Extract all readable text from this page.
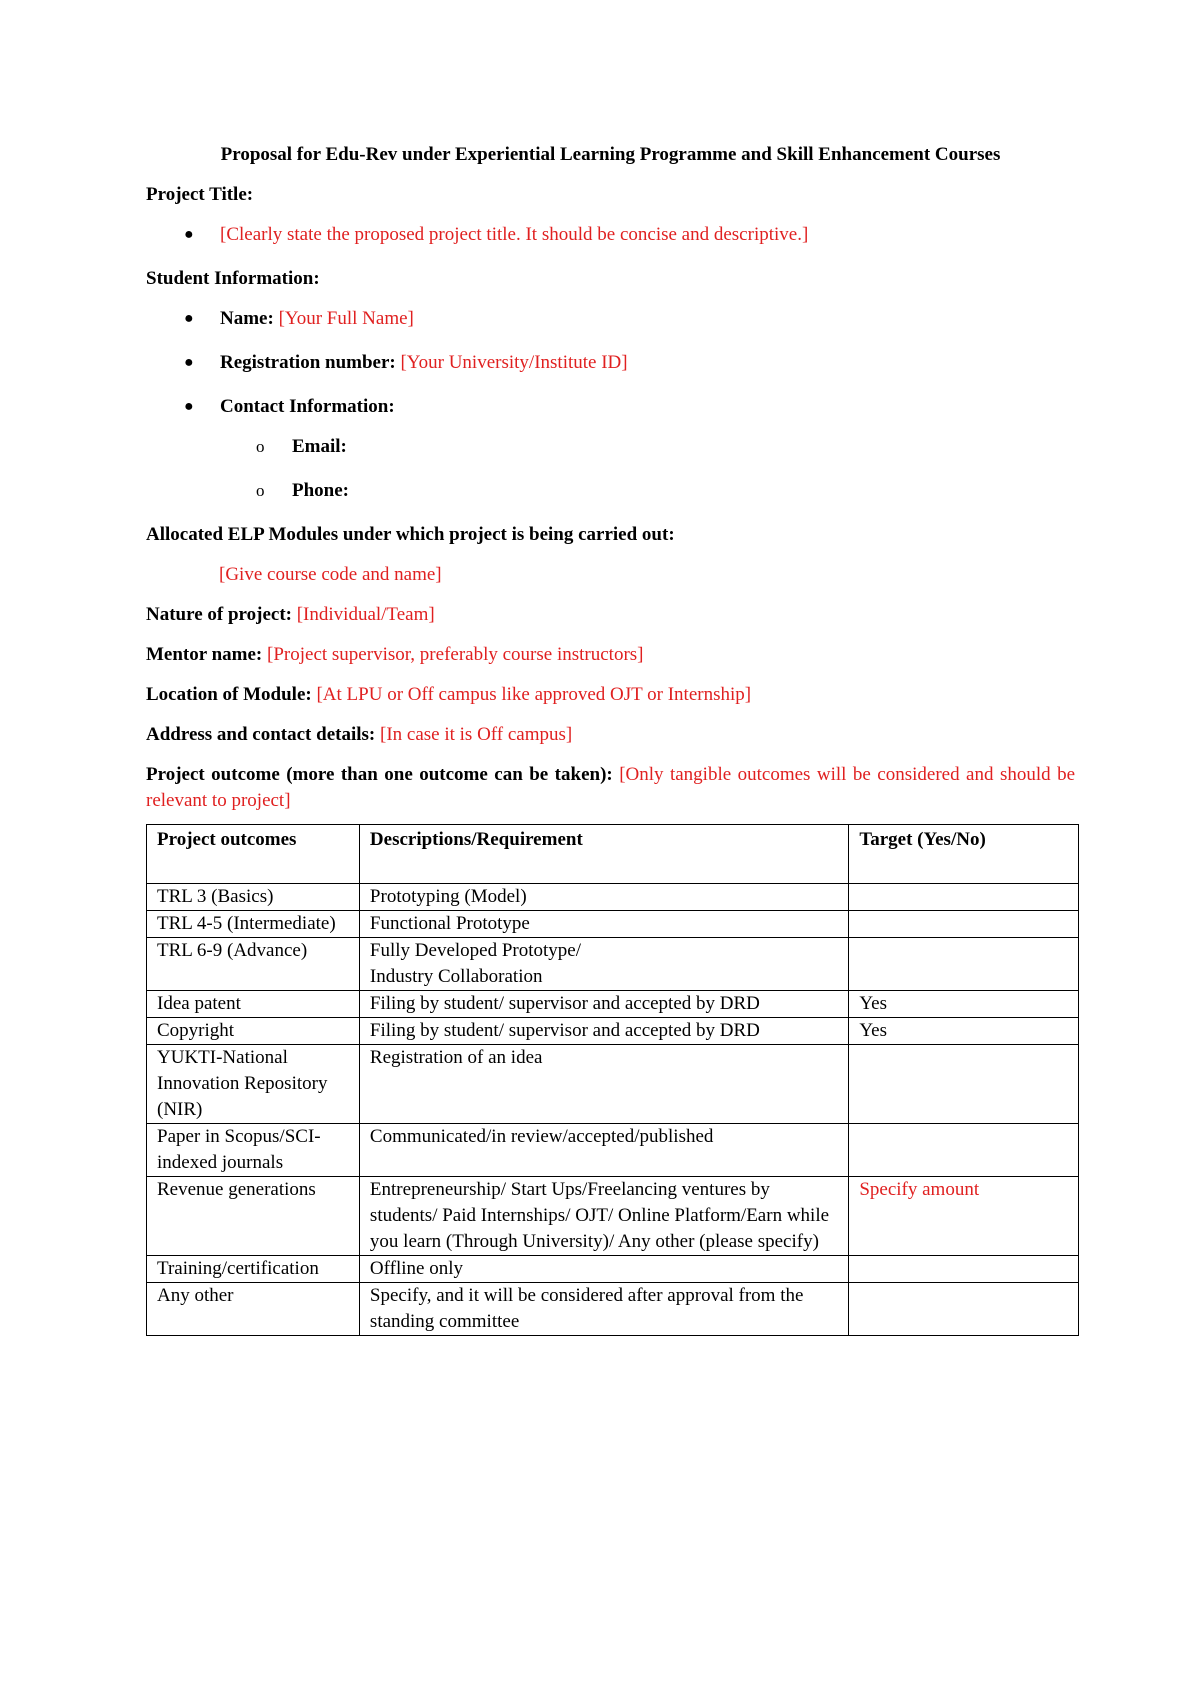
Proposal for Edu-Rev under Experiential Learning Programme and Skill Enhancement Courses
Project Title:
● [Clearly state the proposed project title. It should be concise and descriptive.]
Student Information:
● Name: [Your Full Name]
● Registration number: [Your University/Institute ID]
● Contact Information:
o Email:
o Phone:
Allocated ELP Modules under which project is being carried out:
[Give course code and name]
Nature of project: [Individual/Team]
Mentor name: [Project supervisor, preferably course instructors]
Location of Module: [At LPU or Off campus like approved OJT or Internship]
Address and contact details: [In case it is Off campus]
Project outcome (more than one outcome can be taken): [Only tangible outcomes will be considered and should be relevant to project]
Project outcomes	Descriptions/Requirement	Target (Yes/No)
TRL 3 (Basics)	Prototyping (Model)	
TRL 4-5 (Intermediate)	Functional Prototype	
TRL 6-9 (Advance)	Fully Developed Prototype/
Industry Collaboration	
Idea patent	Filing by student/ supervisor and accepted by DRD	Yes
Copyright	Filing by student/ supervisor and accepted by DRD	Yes
YUKTI-National Innovation Repository (NIR)	Registration of an idea	
Paper in Scopus/SCI-indexed journals	Communicated/in review/accepted/published	
Revenue generations	Entrepreneurship/ Start Ups/Freelancing ventures by students/ Paid Internships/ OJT/ Online Platform/Earn while you learn (Through University)/ Any other (please specify)	Specify amount
Training/certification	Offline only	
Any other	Specify, and it will be considered after approval from the standing committee	
